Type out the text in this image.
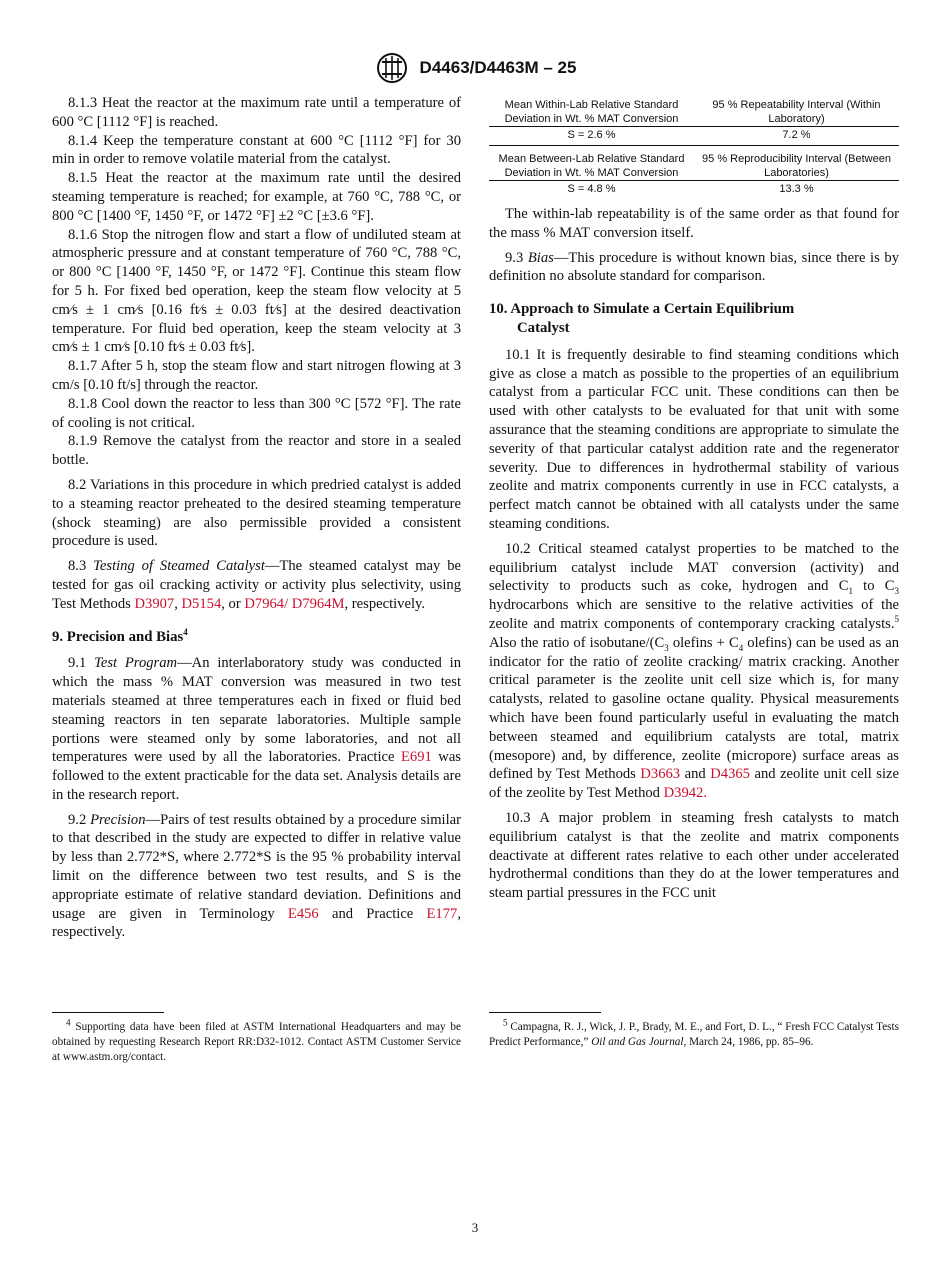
D4463/D4463M – 25

8.1.3 Heat the reactor at the maximum rate until a temperature of 600 °C [1112 °F] is reached.

8.1.4 Keep the temperature constant at 600 °C [1112 °F] for 30 min in order to remove volatile material from the catalyst.

8.1.5 Heat the reactor at the maximum rate until the desired steaming temperature is reached; for example, at 760 °C, 788 °C, or 800 °C [1400 °F, 1450 °F, or 1472 °F] ±2 °C [±3.6 °F].

8.1.6 Stop the nitrogen flow and start a flow of undiluted steam at atmospheric pressure and at constant temperature of 760 °C, 788 °C, or 800 °C [1400 °F, 1450 °F, or 1472 °F]. Continue this steam flow for 5 h. For fixed bed operation, keep the steam flow velocity at 5 cm⁄s ± 1 cm⁄s [0.16 ft⁄s ± 0.03 ft⁄s] at the desired deactivation temperature. For fluid bed operation, keep the steam velocity at 3 cm⁄s ± 1 cm⁄s [0.10 ft⁄s ± 0.03 ft⁄s].

8.1.7 After 5 h, stop the steam flow and start nitrogen flowing at 3 cm/s [0.10 ft/s] through the reactor.

8.1.8 Cool down the reactor to less than 300 °C [572 °F]. The rate of cooling is not critical.

8.1.9 Remove the catalyst from the reactor and store in a sealed bottle.

8.2 Variations in this procedure in which predried catalyst is added to a steaming reactor preheated to the desired steaming temperature (shock steaming) are also permissible provided a consistent procedure is used.

8.3 Testing of Steamed Catalyst—The steamed catalyst may be tested for gas oil cracking activity or activity plus selectivity, using Test Methods D3907, D5154, or D7964/ D7964M, respectively.

9. Precision and Bias$^4$

9.1 Test Program—An interlaboratory study was conducted in which the mass % MAT conversion was measured in two test materials steamed at three temperatures each in fixed or fluid bed steaming reactors in ten separate laboratories. Multiple sample portions were steamed only by some laboratories, and not all temperatures were used by all the laboratories. Practice E691 was followed to the extent practicable for the data set. Analysis details are in the research report.

9.2 Precision—Pairs of test results obtained by a procedure similar to that described in the study are expected to differ in relative value by less than 2.772*S, where 2.772*S is the 95 % probability interval limit on the difference between two test results, and S is the appropriate estimate of relative standard deviation. Definitions and usage are given in Terminology E456 and Practice E177, respectively.

Mean Within-Lab Relative Standard Deviation in Wt. % MAT Conversion
95 % Repeatability Interval (Within Laboratory)
S = 2.6 %	7.2 %
Mean Between-Lab Relative Standard Deviation in Wt. % MAT Conversion
95 % Reproducibility Interval (Between Laboratories)
S = 4.8 %	13.3 %

The within-lab repeatability is of the same order as that found for the mass % MAT conversion itself.

9.3 Bias—This procedure is without known bias, since there is by definition no absolute standard for comparison.

10. Approach to Simulate a Certain Equilibrium
Catalyst

10.1 It is frequently desirable to find steaming conditions which give as close a match as possible to the properties of an equilibrium catalyst from a particular FCC unit. These conditions can then be used with other catalysts to be evaluated for that unit with some assurance that the steaming conditions are appropriate to simulate the severity of that particular catalyst addition rate and the regenerator severity. Due to differences in hydrothermal stability of various zeolite and matrix components currently in use in FCC catalysts, a perfect match cannot be obtained with all catalysts under the same steaming conditions.

10.2 Critical steamed catalyst properties to be matched to the equilibrium catalyst include MAT conversion (activity) and selectivity to products such as coke, hydrogen and $C_1$ to $C_3$ hydrocarbons which are sensitive to the relative activities of the zeolite and matrix components of contemporary cracking catalysts.$^5$ Also the ratio of isobutane/($C_3$ olefins + $C_4$ olefins) can be used as an indicator for the ratio of zeolite cracking/ matrix cracking. Another critical parameter is the zeolite unit cell size which is, for many catalysts, related to gasoline octane quality. Physical measurements which have been found particularly useful in evaluating the match between steamed and equilibrium catalysts are total, matrix (mesopore) and, by difference, zeolite (micropore) surface areas as defined by Test Methods D3663 and D4365 and zeolite unit cell size of the zeolite by Test Method D3942.

10.3 A major problem in steaming fresh catalysts to match equilibrium catalyst is that the zeolite and matrix components deactivate at different rates relative to each other under accelerated hydrothermal conditions than they do at the lower temperatures and steam partial pressures in the FCC unit

$^4$ Supporting data have been filed at ASTM International Headquarters and may be obtained by requesting Research Report RR:D32-1012. Contact ASTM Customer Service at www.astm.org/contact.

$^5$ Campagna, R. J., Wick, J. P., Brady, M. E., and Fort, D. L., “ Fresh FCC Catalyst Tests Predict Performance,” Oil and Gas Journal, March 24, 1986, pp. 85–96.

3
